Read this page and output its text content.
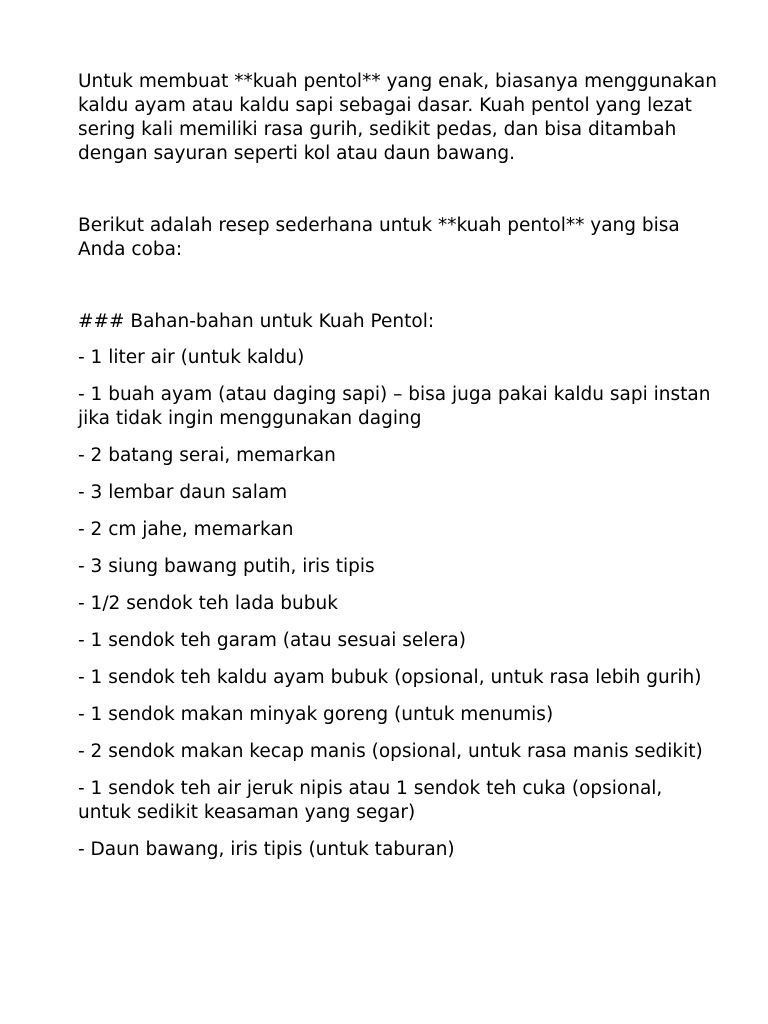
Untuk membuat **kuah pentol** yang enak, biasanya menggunakan kaldu ayam atau kaldu sapi sebagai dasar. Kuah pentol yang lezat sering kali memiliki rasa gurih, sedikit pedas, dan bisa ditambah dengan sayuran seperti kol atau daun bawang.

Berikut adalah resep sederhana untuk **kuah pentol** yang bisa Anda coba:

### Bahan-bahan untuk Kuah Pentol:

- 1 liter air (untuk kaldu)

- 1 buah ayam (atau daging sapi) – bisa juga pakai kaldu sapi instan jika tidak ingin menggunakan daging

- 2 batang serai, memarkan

- 3 lembar daun salam

- 2 cm jahe, memarkan

- 3 siung bawang putih, iris tipis

- 1/2 sendok teh lada bubuk

- 1 sendok teh garam (atau sesuai selera)

- 1 sendok teh kaldu ayam bubuk (opsional, untuk rasa lebih gurih)

- 1 sendok makan minyak goreng (untuk menumis)

- 2 sendok makan kecap manis (opsional, untuk rasa manis sedikit)

- 1 sendok teh air jeruk nipis atau 1 sendok teh cuka (opsional, untuk sedikit keasaman yang segar)

- Daun bawang, iris tipis (untuk taburan)
